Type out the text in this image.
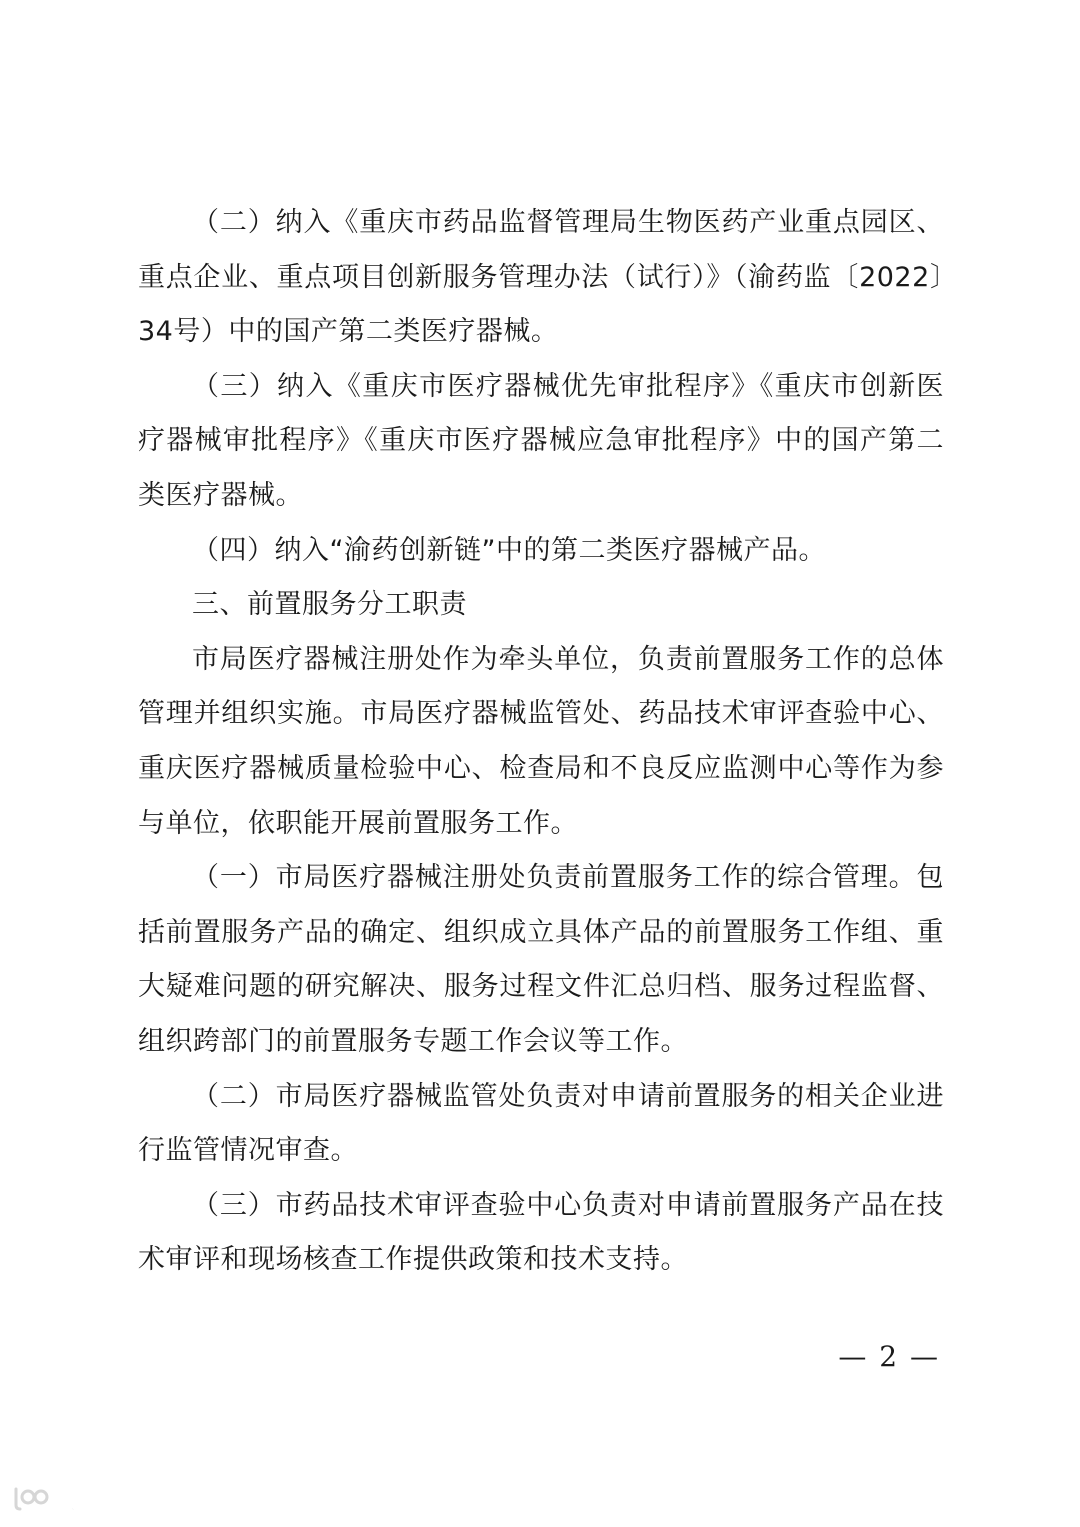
（二）纳入《重庆市药品监督管理局生物医药产业重点园区、重点企业、重点项目创新服务管理办法（试行）》（渝药监〔2022〕34号）中的国产第二类医疗器械。

（三）纳入《重庆市医疗器械优先审批程序》《重庆市创新医疗器械审批程序》《重庆市医疗器械应急审批程序》中的国产第二类医疗器械。

（四）纳入“渝药创新链”中的第二类医疗器械产品。

三、前置服务分工职责

市局医疗器械注册处作为牵头单位，负责前置服务工作的总体管理并组织实施。市局医疗器械监管处、药品技术审评查验中心、重庆医疗器械质量检验中心、检查局和不良反应监测中心等作为参与单位，依职能开展前置服务工作。

（一）市局医疗器械注册处负责前置服务工作的综合管理。包括前置服务产品的确定、组织成立具体产品的前置服务工作组、重大疑难问题的研究解决、服务过程文件汇总归档、服务过程监督、组织跨部门的前置服务专题工作会议等工作。

（二）市局医疗器械监管处负责对申请前置服务的相关企业进行监管情况审查。

（三）市药品技术审评查验中心负责对申请前置服务产品在技术审评和现场核查工作提供政策和技术支持。

— 2 —
大数跨境
